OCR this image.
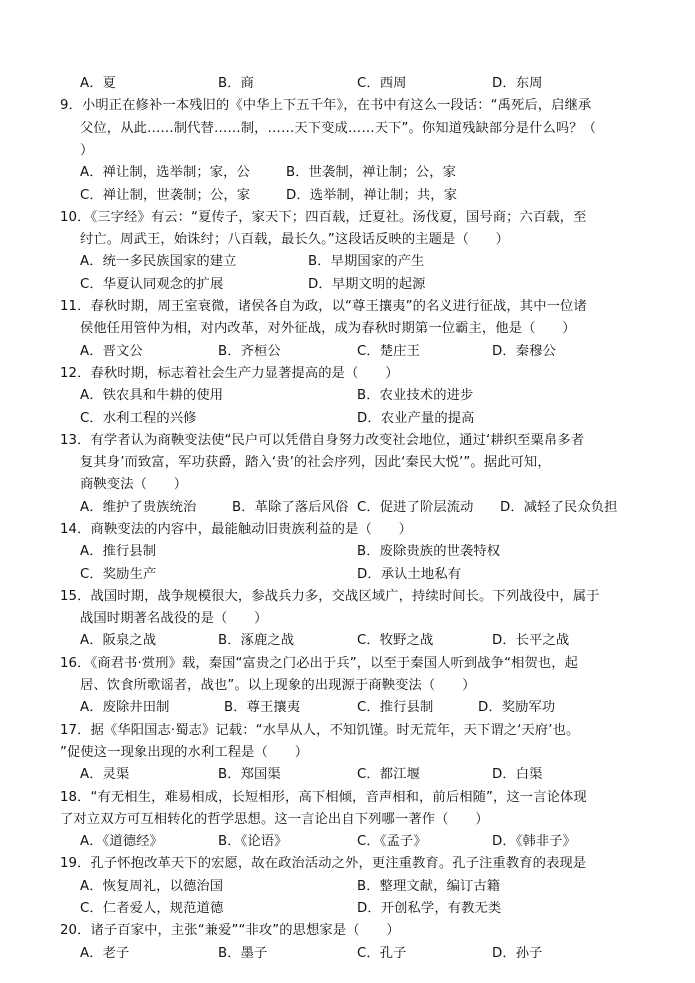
A．夏	B．商	C．西周	D．东周
9．小明正在修补一本残旧的《中华上下五千年》，在书中有这么一段话：“禹死后，启继承
父位，从此……制代替……制，……天下变成……天下”。你知道残缺部分是什么吗？（
）
A．禅让制，选举制；家，公	B．世袭制，禅让制；公，家
C．禅让制，世袭制；公，家	D．选举制，禅让制；共，家
10．《三字经》有云：“夏传子，家天下；四百载，迁夏社。汤伐夏，国号商；六百载，至
纣亡。周武王，始诛纣；八百载，最长久。”这段话反映的主题是（　　）
A．统一多民族国家的建立	B．早期国家的产生
C．华夏认同观念的扩展	D．早期文明的起源
11．春秋时期，周王室衰微，诸侯各自为政，以“尊王攘夷”的名义进行征战，其中一位诸
侯他任用管仲为相，对内改革，对外征战，成为春秋时期第一位霸主，他是（　　）
A．晋文公	B．齐桓公	C．楚庄王	D．秦穆公
12．春秋时期，标志着社会生产力显著提高的是（　　）
A．铁农具和牛耕的使用	B．农业技术的进步
C．水利工程的兴修	D．农业产量的提高
13．有学者认为商鞅变法使“民户可以凭借自身努力改变社会地位，通过‘耕织至粟帛多者
复其身’而致富，军功获爵，踏入‘贵’的社会序列，因此‘秦民大悦’”。据此可知，
商鞅变法（　　）
A．维护了贵族统治	B．革除了落后风俗 C．促进了阶层流动 D．减轻了民众负担
14．商鞅变法的内容中，最能触动旧贵族利益的是（　　）
A．推行县制	B．废除贵族的世袭特权
C．奖励生产	D．承认土地私有
15．战国时期，战争规模很大，参战兵力多，交战区域广，持续时间长。下列战役中，属于
战国时期著名战役的是（　　）
A．阪泉之战	B．涿鹿之战	C．牧野之战	D．长平之战
16．《商君书·赏刑》载，秦国“富贵之门必出于兵”，以至于秦国人听到战争“相贺也，起
居、饮食所歌谣者，战也”。以上现象的出现源于商鞅变法（　　）
A．废除井田制	B．尊王攘夷	C．推行县制	D．奖励军功
17．据《华阳国志·蜀志》记载：“水旱从人，不知饥馑。时无荒年，天下谓之‘天府’也。
”促使这一现象出现的水利工程是（　　）
A．灵渠	B．郑国渠	C．都江堰	D．白渠
18．“有无相生，难易相成，长短相形，高下相倾，音声相和，前后相随”，这一言论体现
了对立双方可互相转化的哲学思想。这一言论出自下列哪一著作（　　）
A．《道德经》	B．《论语》	C．《孟子》	D．《韩非子》
19．孔子怀抱改革天下的宏愿，故在政治活动之外，更注重教育。孔子注重教育的表现是
A．恢复周礼，以德治国	B．整理文献，编订古籍
C．仁者爱人，规范道德	D．开创私学，有教无类
20．诸子百家中，主张“兼爱”“非攻”的思想家是（　　）
A．老子	B．墨子	C．孔子	D．孙子
